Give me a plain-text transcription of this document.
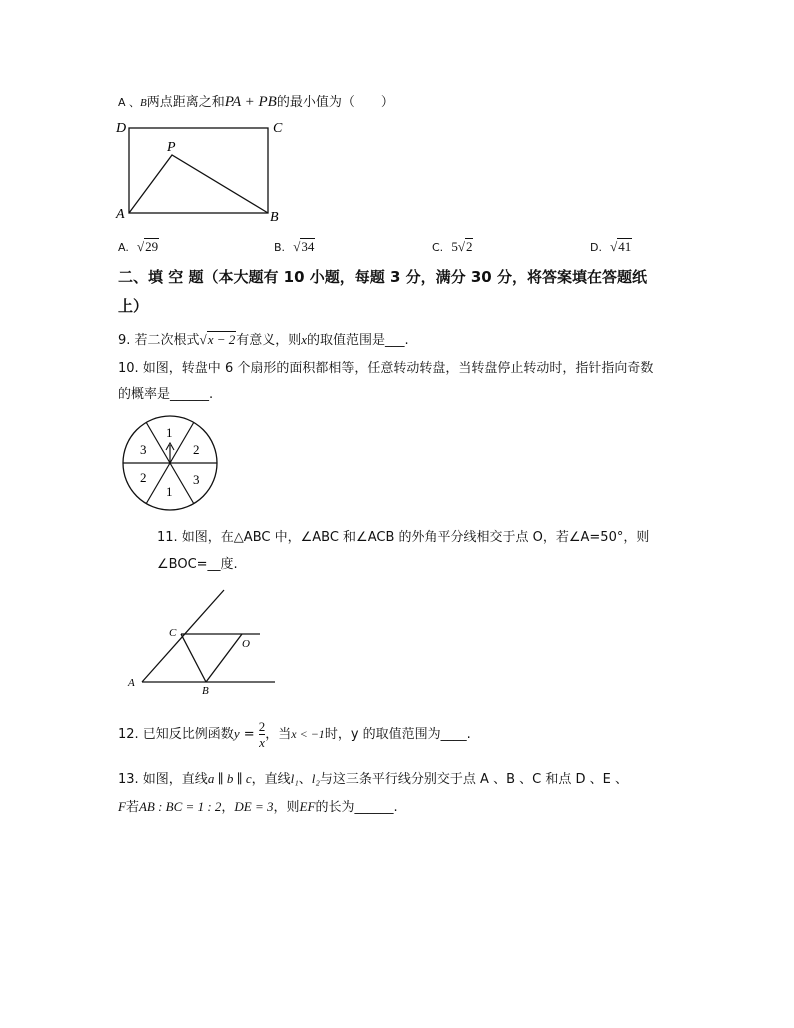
A 、B两点距离之和PA + PB的最小值为（　　）
D	C
P
A	B
A. √29	B. √34	C. 5√2	D. √41
二、填 空 题（本大题有 10 小题，每题 3 分，满分 30 分，将答案填在答题纸
上）
9. 若二次根式√x − 2有意义，则x的取值范围是___.
10. 如图，转盘中 6 个扇形的面积都相等，任意转动转盘，当转盘停止转动时，指针指向奇数
的概率是______.
1
2
3
1
2
3
11. 如图，在△ABC 中，∠ABC 和∠ACB 的外角平分线相交于点 O，若∠A=50°，则
∠BOC=__度.
C
O
A
B
12. 已知反比例函数$y = \frac{2}{x}$ ，当x < −1时，y 的取值范围为____.
13. 如图，直线a ∥ b ∥ c，直线l₁、l₂与这三条平行线分别交于点 A 、B 、C 和点 D 、E 、
F若AB : BC = 1 : 2，DE = 3，则EF的长为______.
